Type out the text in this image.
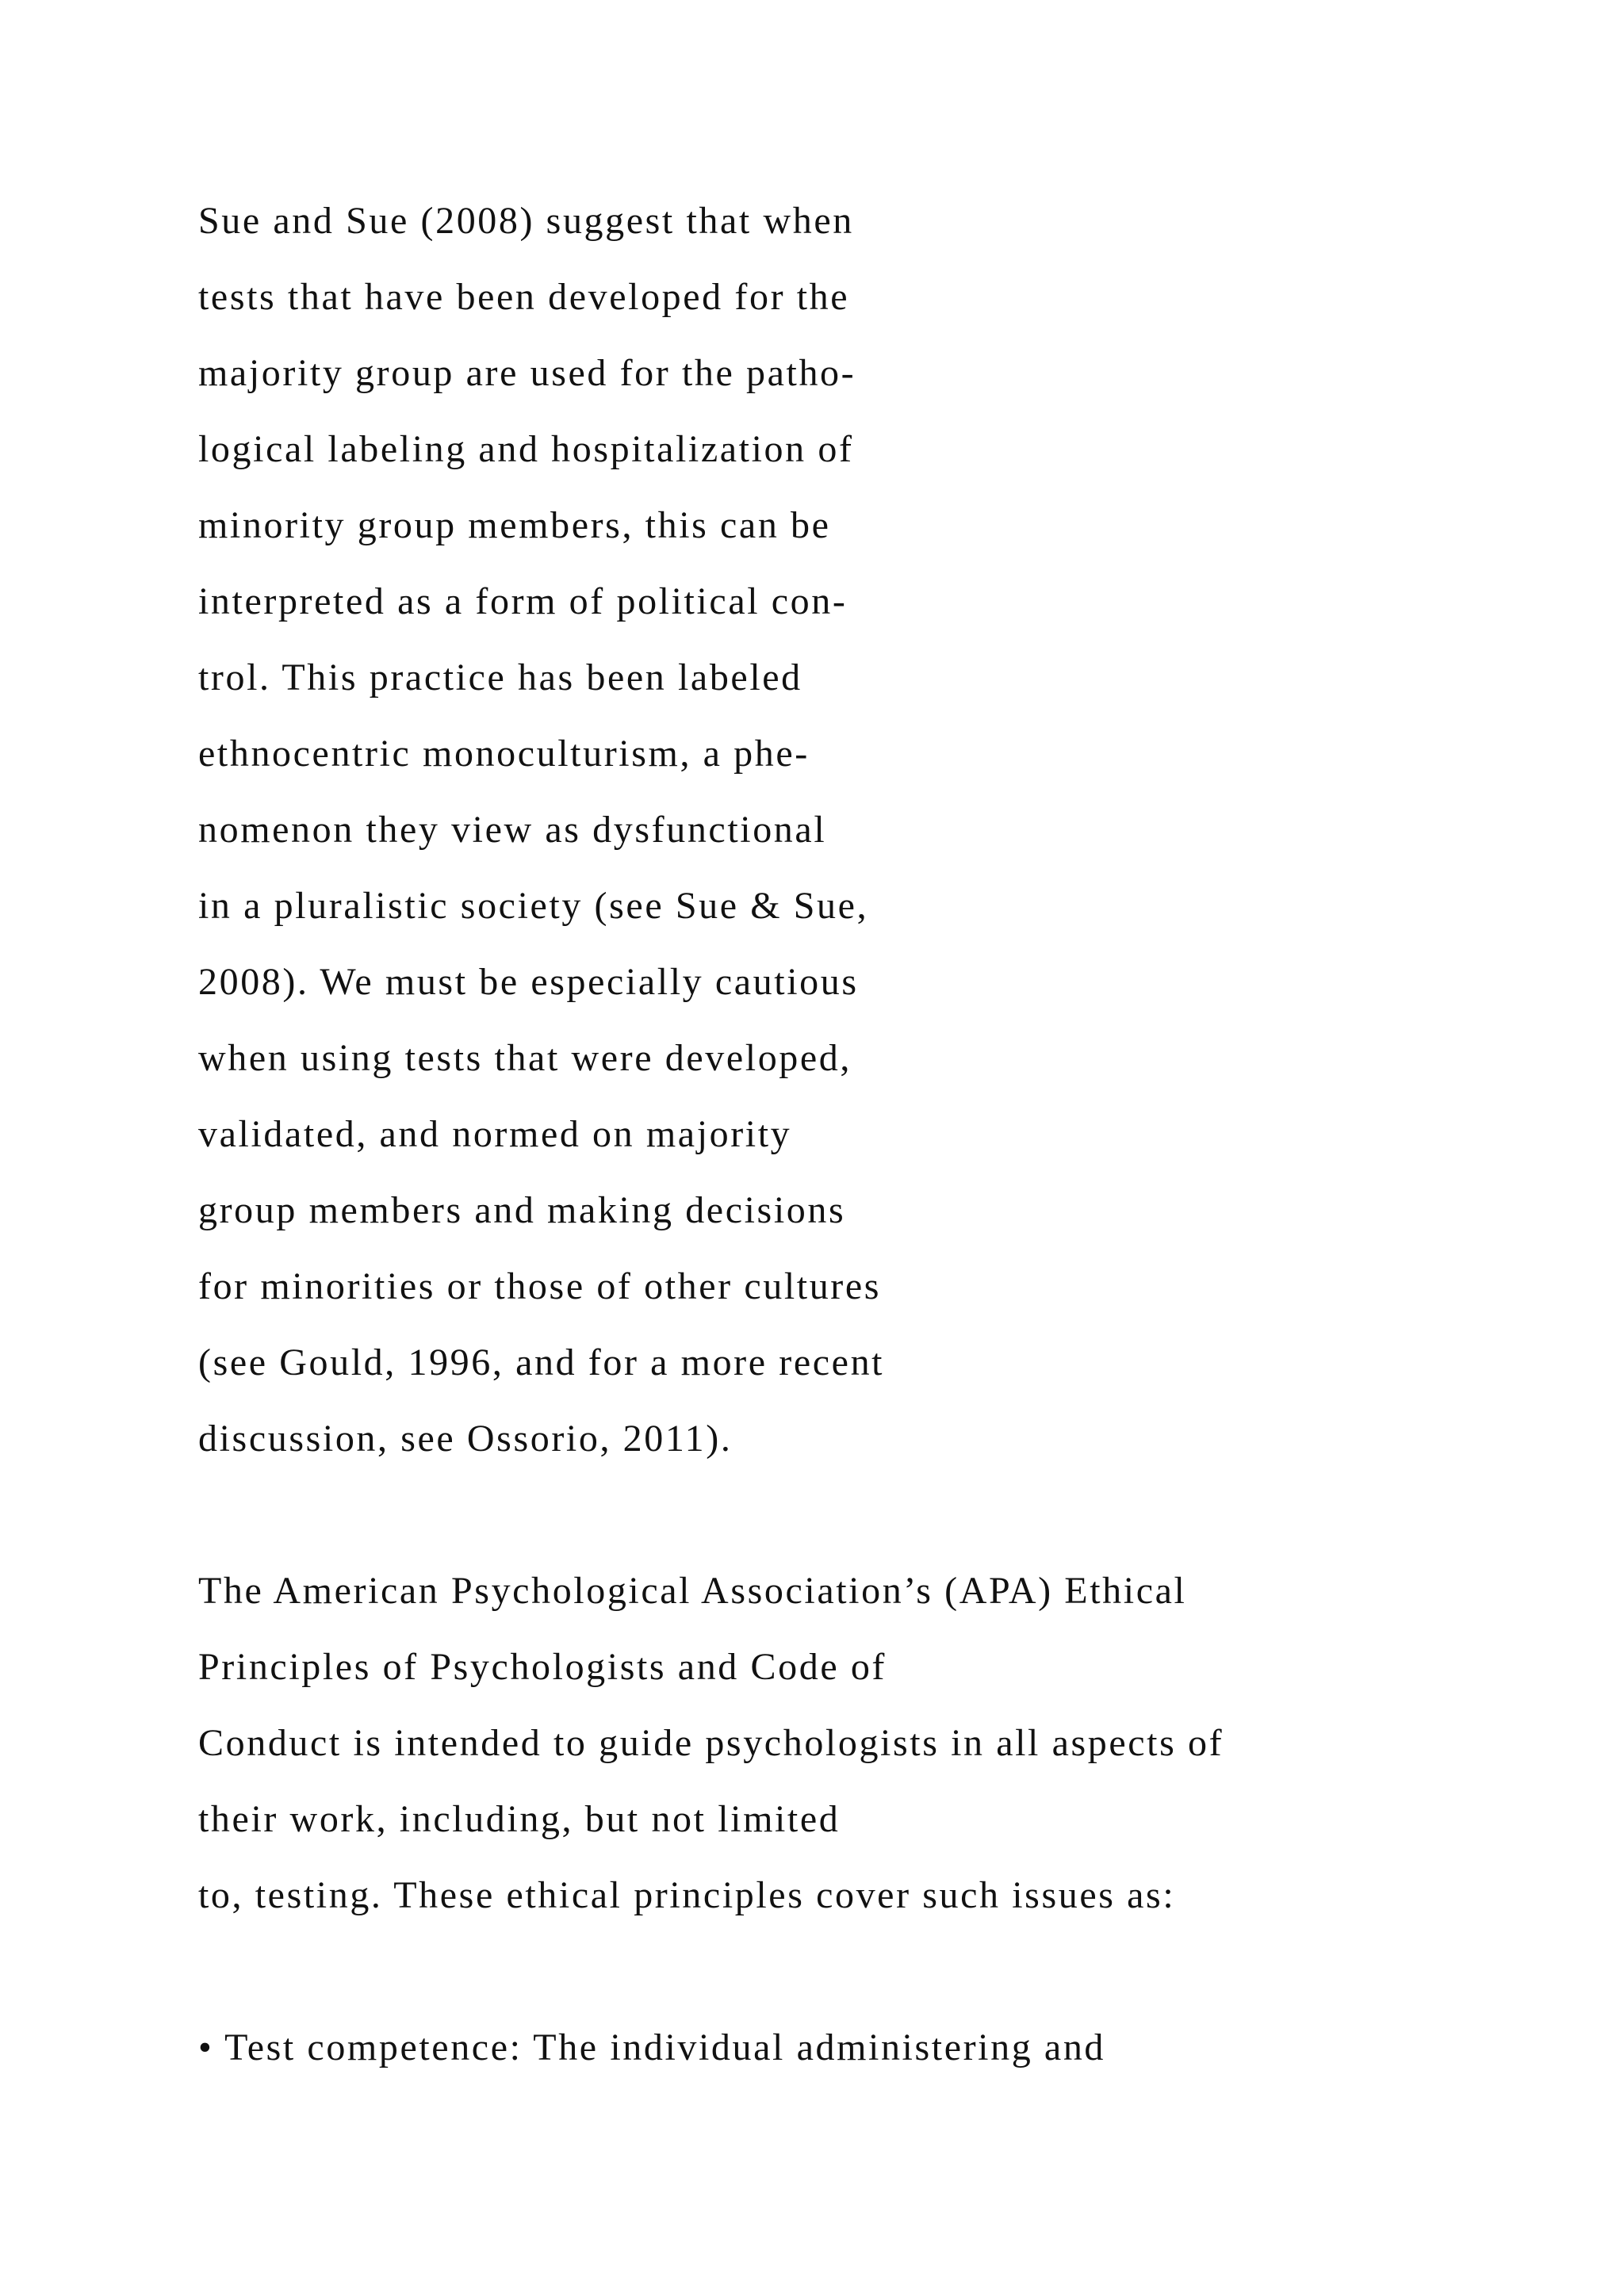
Sue and Sue (2008) suggest that when
tests that have been developed for the
majority group are used for the patho-
logical labeling and hospitalization of
minority group members, this can be
interpreted as a form of political con-
trol. This practice has been labeled
ethnocentric monoculturism, a phe-
nomenon they view as dysfunctional
in a pluralistic society (see Sue & Sue,
2008). We must be especially cautious
when using tests that were developed,
validated, and normed on majority
group members and making decisions
for minorities or those of other cultures
(see Gould, 1996, and for a more recent
discussion, see Ossorio, 2011).
The American Psychological Association’s (APA) Ethical
Principles of Psychologists and Code of
Conduct is intended to guide psychologists in all aspects of
their work, including, but not limited
to, testing. These ethical principles cover such issues as:
• Test competence: The individual administering and
